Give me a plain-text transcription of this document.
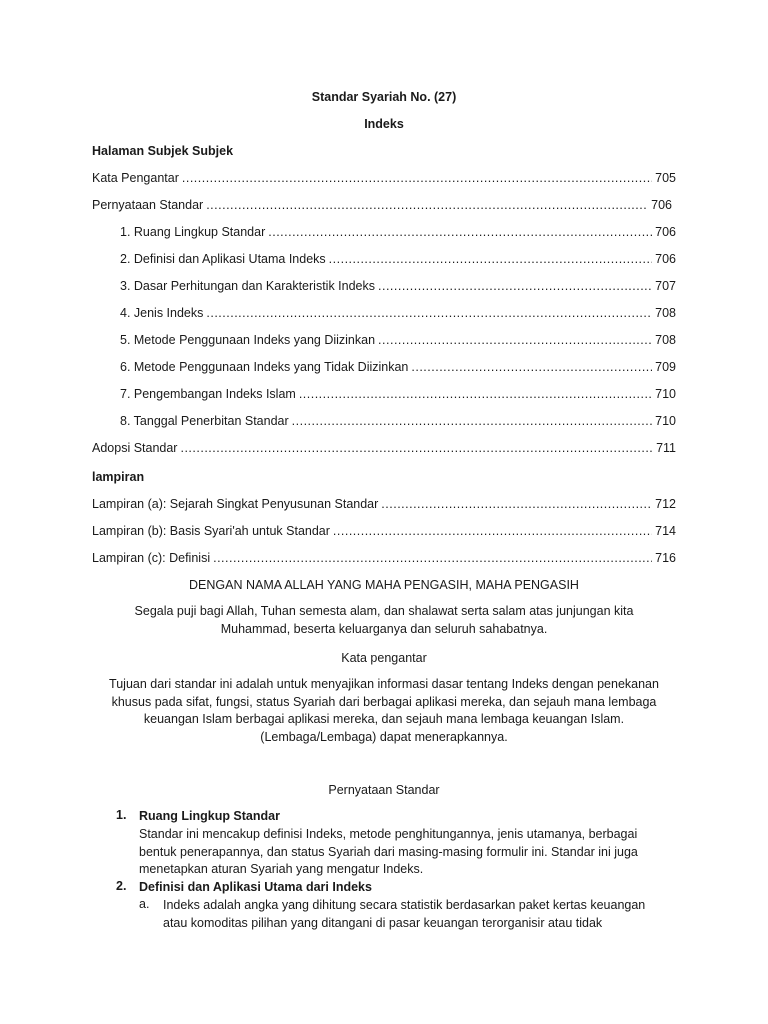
Standar Syariah No. (27)
Indeks
Halaman Subjek Subjek
Kata Pengantar .....	705
Pernyataan Standar .....	706
1. Ruang Lingkup Standar .....	706
2. Definisi dan Aplikasi Utama Indeks .....	706
3. Dasar Perhitungan dan Karakteristik Indeks .....	707
4. Jenis Indeks .....	708
5. Metode Penggunaan Indeks yang Diizinkan .....	708
6. Metode Penggunaan Indeks yang Tidak Diizinkan .....	709
7. Pengembangan Indeks Islam .....	710
8. Tanggal Penerbitan Standar .....	710
Adopsi Standar .....	711
lampiran
Lampiran (a): Sejarah Singkat Penyusunan Standar .....	712
Lampiran (b): Basis Syari'ah untuk Standar .....	714
Lampiran (c): Definisi .....	716
DENGAN NAMA ALLAH YANG MAHA PENGASIH, MAHA PENGASIH
Segala puji bagi Allah, Tuhan semesta alam, dan shalawat serta salam atas junjungan kita
Muhammad, beserta keluarganya dan seluruh sahabatnya.
Kata pengantar
Tujuan dari standar ini adalah untuk menyajikan informasi dasar tentang Indeks dengan penekanan
khusus pada sifat, fungsi, status Syariah dari berbagai aplikasi mereka, dan sejauh mana lembaga
keuangan Islam berbagai aplikasi mereka, dan sejauh mana lembaga keuangan Islam.
(Lembaga/Lembaga) dapat menerapkannya.
Pernyataan Standar
1.	Ruang Lingkup Standar
Standar ini mencakup definisi Indeks, metode penghitungannya, jenis utamanya, berbagai
bentuk penerapannya, dan status Syariah dari masing-masing formulir ini. Standar ini juga
menetapkan aturan Syariah yang mengatur Indeks.
2.	Definisi dan Aplikasi Utama dari Indeks
a.	Indeks adalah angka yang dihitung secara statistik berdasarkan paket kertas keuangan
atau komoditas pilihan yang ditangani di pasar keuangan terorganisir atau tidak
